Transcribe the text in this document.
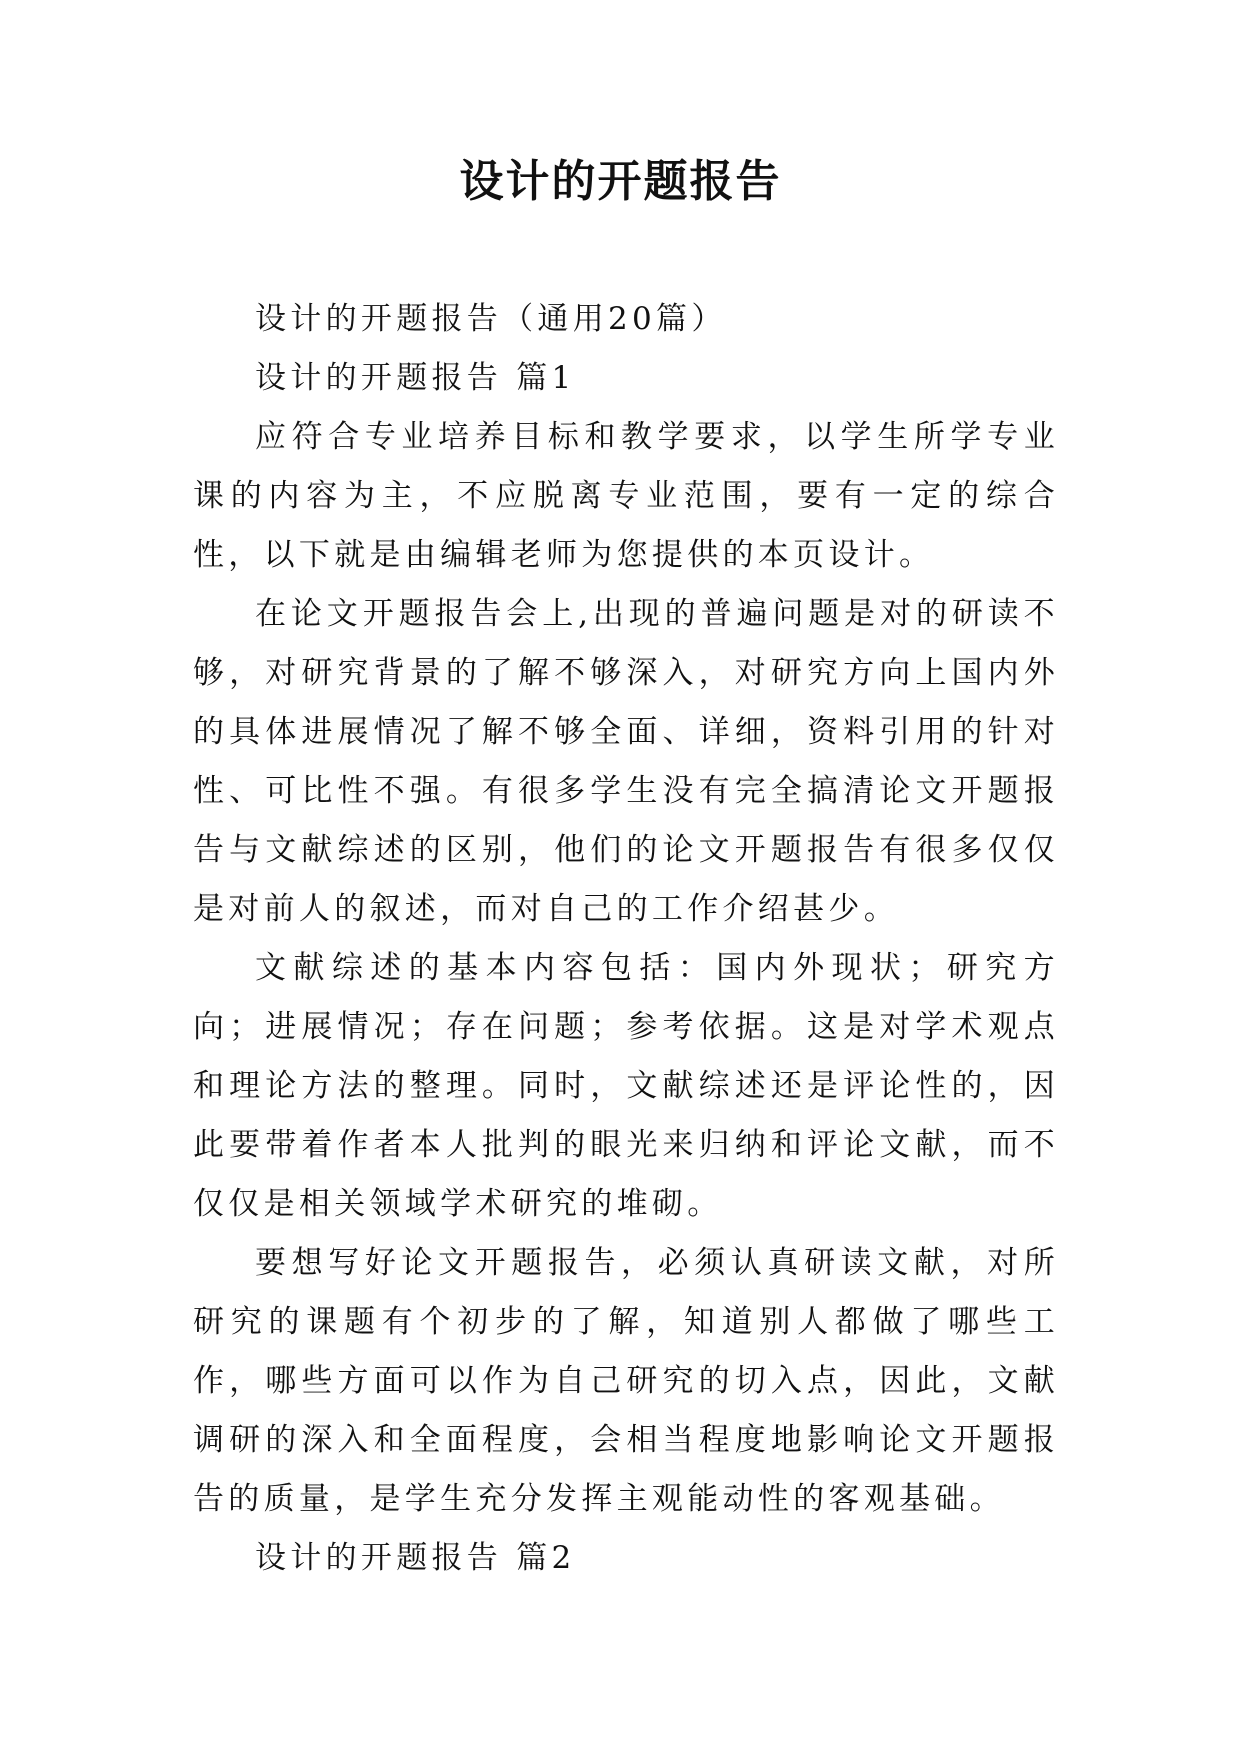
设计的开题报告

设计的开题报告（通用20篇）

设计的开题报告 篇1

应符合专业培养目标和教学要求，以学生所学专业课的内容为主，不应脱离专业范围，要有一定的综合性，以下就是由编辑老师为您提供的本页设计。

在论文开题报告会上,出现的普遍问题是对的研读不够，对研究背景的了解不够深入，对研究方向上国内外的具体进展情况了解不够全面、详细，资料引用的针对性、可比性不强。有很多学生没有完全搞清论文开题报告与文献综述的区别，他们的论文开题报告有很多仅仅是对前人的叙述，而对自己的工作介绍甚少。

文献综述的基本内容包括：国内外现状；研究方向；进展情况；存在问题；参考依据。这是对学术观点和理论方法的整理。同时，文献综述还是评论性的，因此要带着作者本人批判的眼光来归纳和评论文献，而不仅仅是相关领域学术研究的堆砌。

要想写好论文开题报告，必须认真研读文献，对所研究的课题有个初步的了解，知道别人都做了哪些工作，哪些方面可以作为自己研究的切入点，因此，文献调研的深入和全面程度，会相当程度地影响论文开题报告的质量，是学生充分发挥主观能动性的客观基础。

设计的开题报告 篇2
